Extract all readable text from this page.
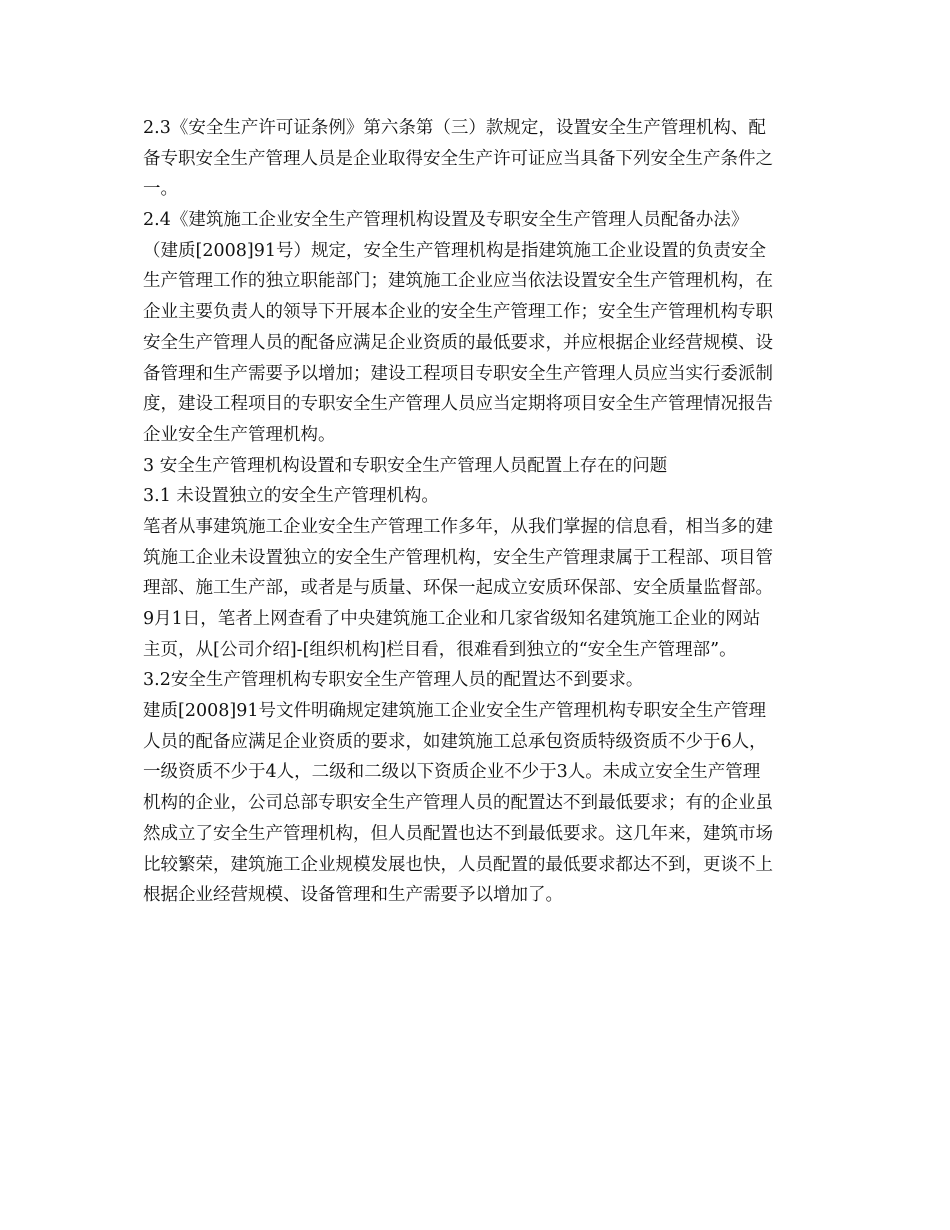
2.3《安全生产许可证条例》第六条第（三）款规定，设置安全生产管理机构、配
备专职安全生产管理人员是企业取得安全生产许可证应当具备下列安全生产条件之
一。
2.4《建筑施工企业安全生产管理机构设置及专职安全生产管理人员配备办法》
（建质[2008]91号）规定，安全生产管理机构是指建筑施工企业设置的负责安全
生产管理工作的独立职能部门；建筑施工企业应当依法设置安全生产管理机构，在
企业主要负责人的领导下开展本企业的安全生产管理工作；安全生产管理机构专职
安全生产管理人员的配备应满足企业资质的最低要求，并应根据企业经营规模、设
备管理和生产需要予以增加；建设工程项目专职安全生产管理人员应当实行委派制
度，建设工程项目的专职安全生产管理人员应当定期将项目安全生产管理情况报告
企业安全生产管理机构。
3 安全生产管理机构设置和专职安全生产管理人员配置上存在的问题
3.1 未设置独立的安全生产管理机构。
笔者从事建筑施工企业安全生产管理工作多年，从我们掌握的信息看，相当多的建
筑施工企业未设置独立的安全生产管理机构，安全生产管理隶属于工程部、项目管
理部、施工生产部，或者是与质量、环保一起成立安质环保部、安全质量监督部。
9月1日，笔者上网查看了中央建筑施工企业和几家省级知名建筑施工企业的网站
主页，从[公司介绍]-[组织机构]栏目看，很难看到独立的“安全生产管理部”。
3.2安全生产管理机构专职安全生产管理人员的配置达不到要求。
建质[2008]91号文件明确规定建筑施工企业安全生产管理机构专职安全生产管理
人员的配备应满足企业资质的要求，如建筑施工总承包资质特级资质不少于6人，
一级资质不少于4人，二级和二级以下资质企业不少于3人。未成立安全生产管理
机构的企业，公司总部专职安全生产管理人员的配置达不到最低要求；有的企业虽
然成立了安全生产管理机构，但人员配置也达不到最低要求。这几年来，建筑市场
比较繁荣，建筑施工企业规模发展也快，人员配置的最低要求都达不到，更谈不上
根据企业经营规模、设备管理和生产需要予以增加了。
